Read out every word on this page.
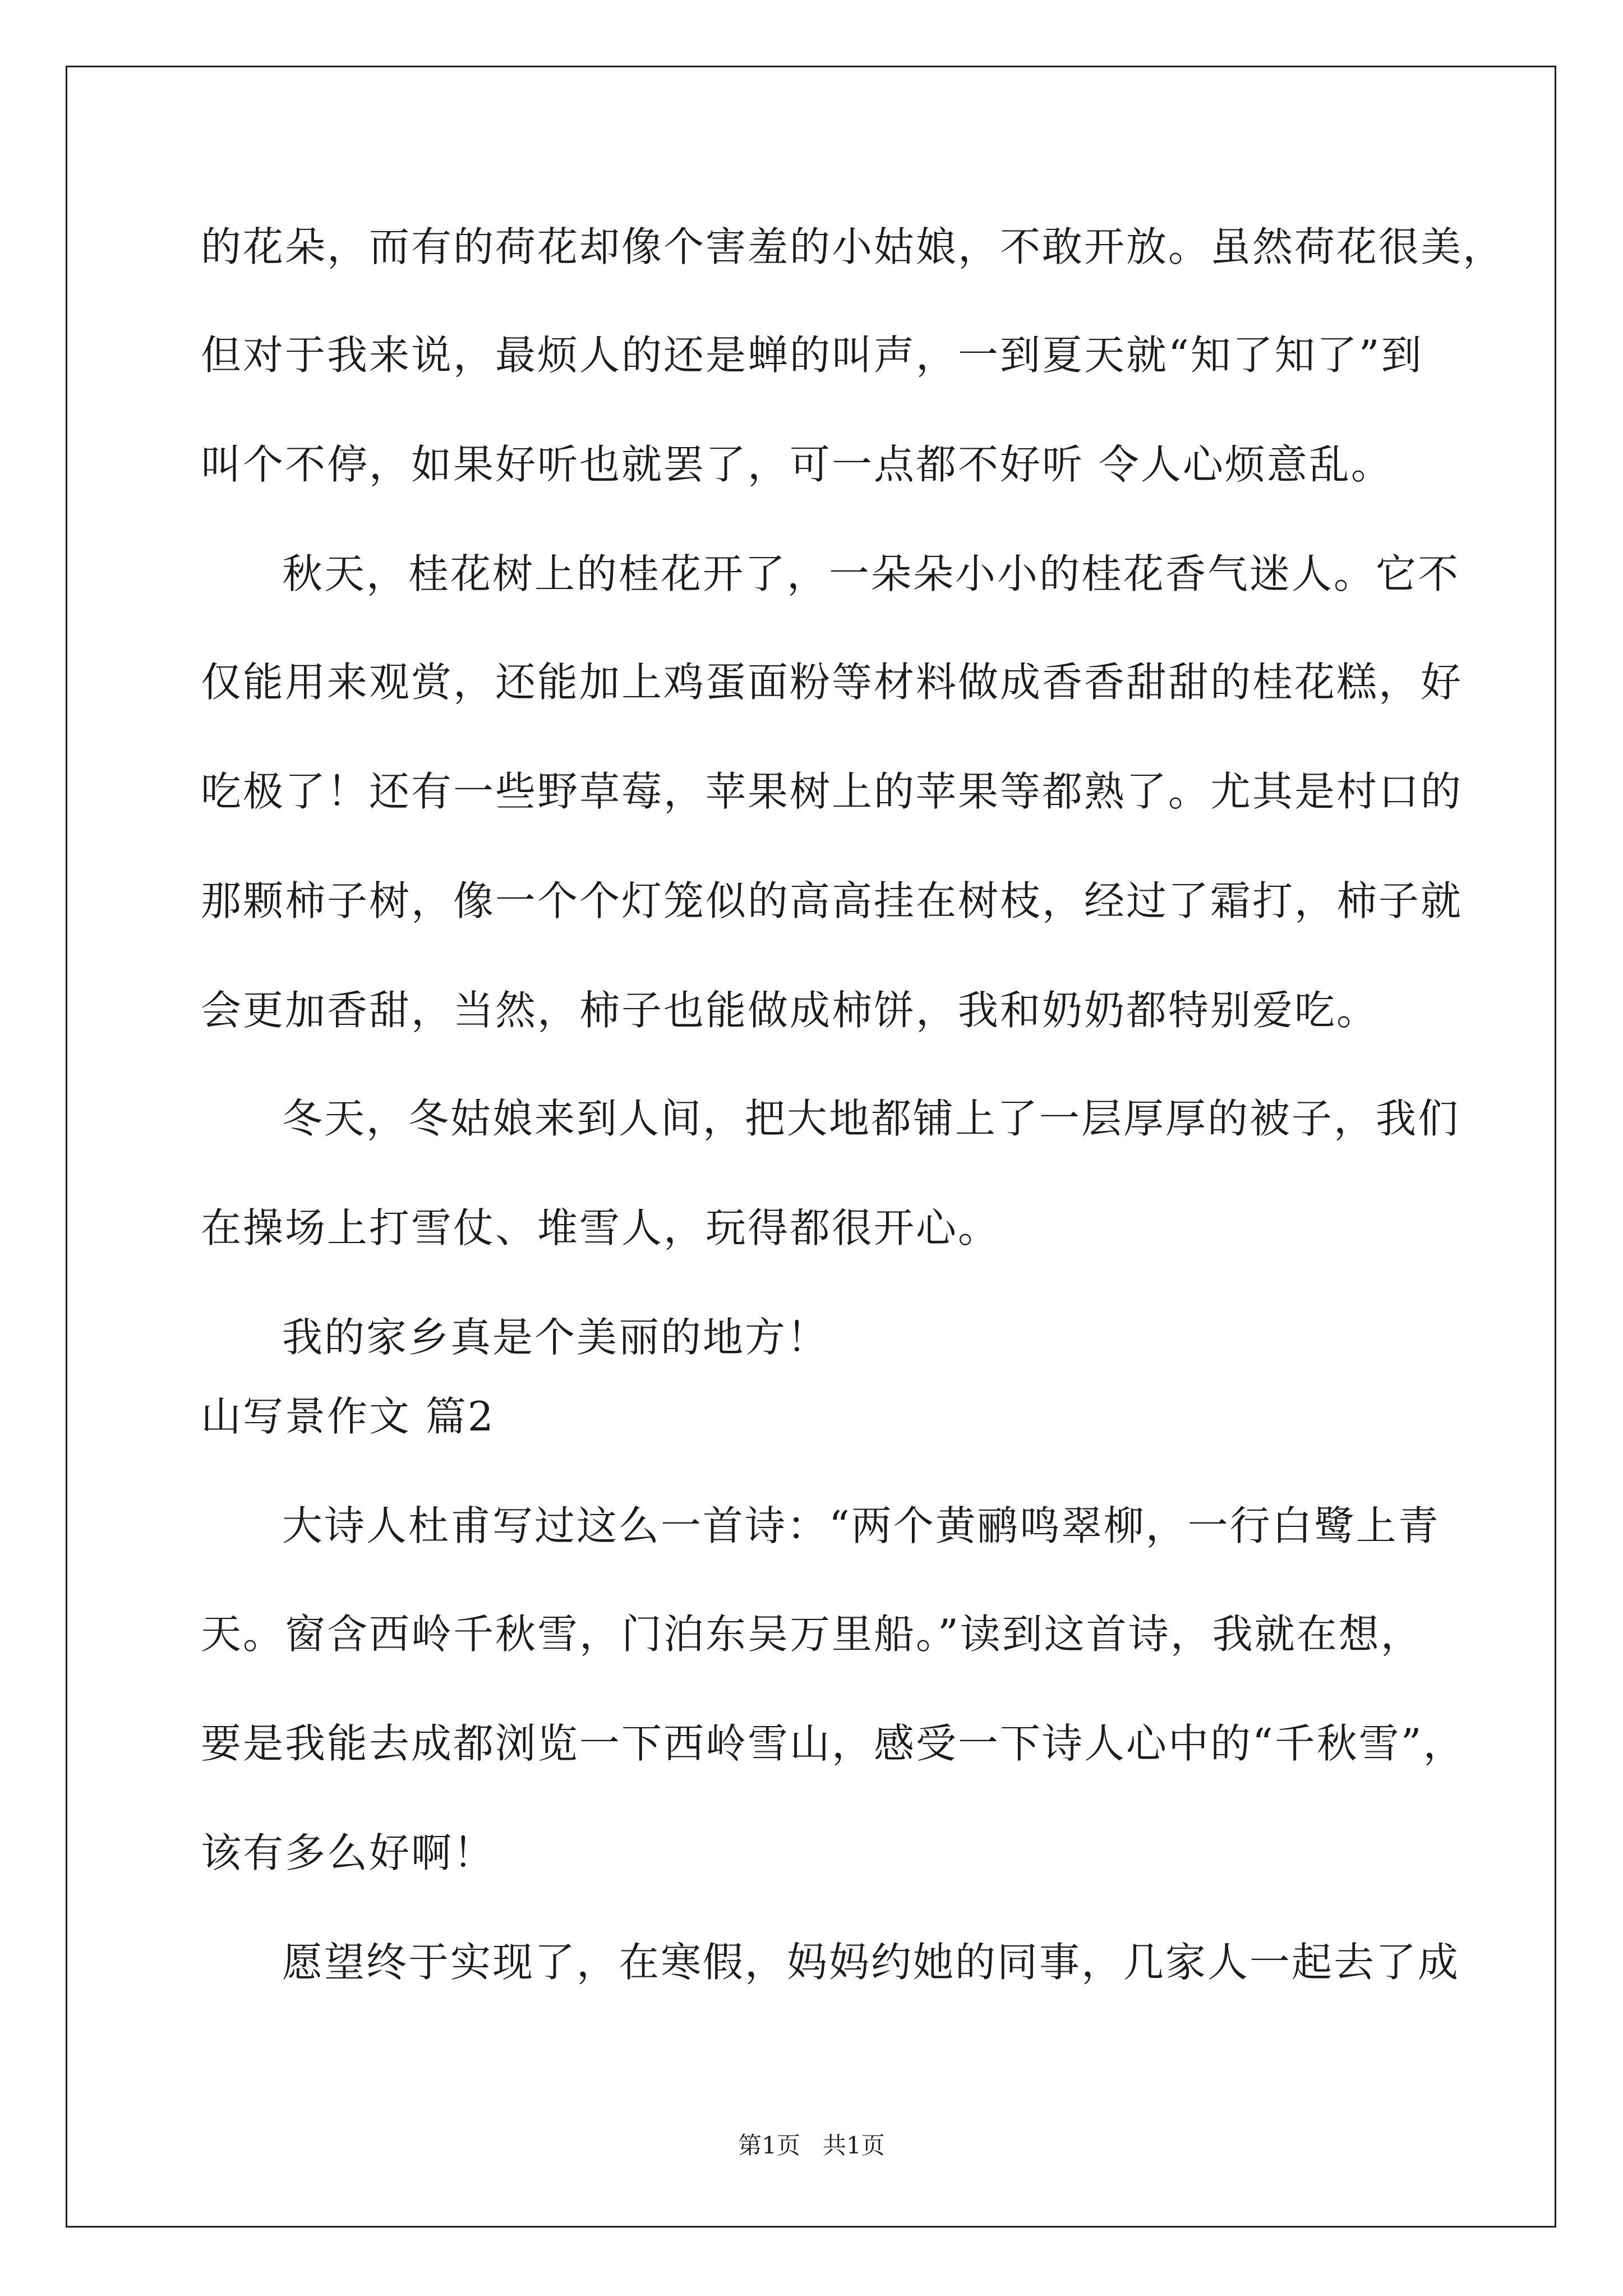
的花朵，而有的荷花却像个害羞的小姑娘，不敢开放。虽然荷花很美，
但对于我来说，最烦人的还是蝉的叫声，一到夏天就“知了知了”到
叫个不停，如果好听也就罢了，可一点都不好听 令人心烦意乱。
秋天，桂花树上的桂花开了，一朵朵小小的桂花香气迷人。它不
仅能用来观赏，还能加上鸡蛋面粉等材料做成香香甜甜的桂花糕，好
吃极了！还有一些野草莓，苹果树上的苹果等都熟了。尤其是村口的
那颗柿子树，像一个个灯笼似的高高挂在树枝，经过了霜打，柿子就
会更加香甜，当然，柿子也能做成柿饼，我和奶奶都特别爱吃。
冬天，冬姑娘来到人间，把大地都铺上了一层厚厚的被子，我们
在操场上打雪仗、堆雪人，玩得都很开心。
我的家乡真是个美丽的地方！
山写景作文 篇2
大诗人杜甫写过这么一首诗：“两个黄鹂鸣翠柳，一行白鹭上青
天。窗含西岭千秋雪，门泊东吴万里船。”读到这首诗，我就在想，
要是我能去成都浏览一下西岭雪山，感受一下诗人心中的“千秋雪”，
该有多么好啊！
愿望终于实现了，在寒假，妈妈约她的同事，几家人一起去了成
第1页   共1页
